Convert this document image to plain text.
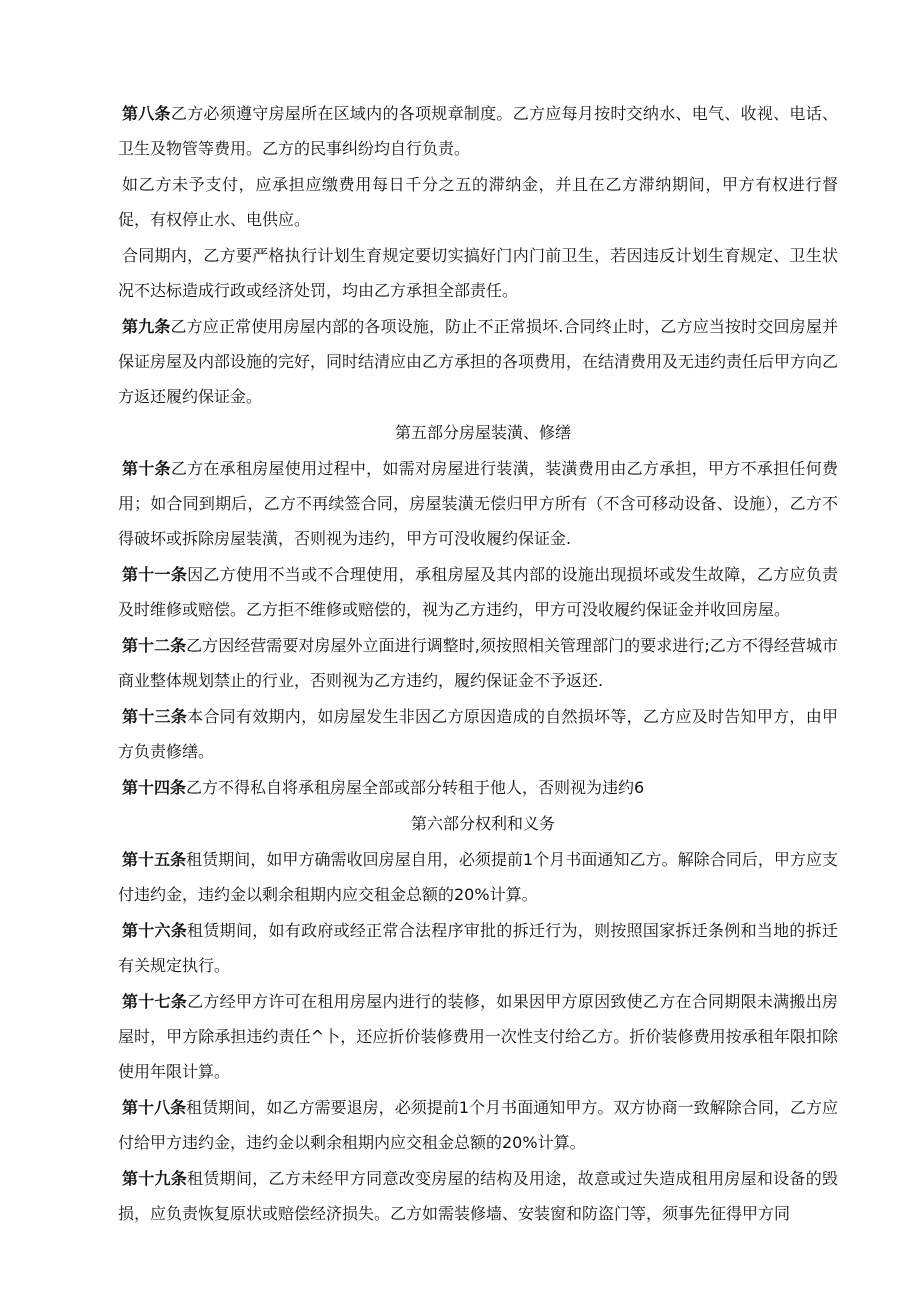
第八条乙方必须遵守房屋所在区域内的各项规章制度。乙方应每月按时交纳水、电气、收视、电话、卫生及物管等费用。乙方的民事纠纷均自行负责。

如乙方未予支付，应承担应缴费用每日千分之五的滞纳金，并且在乙方滞纳期间，甲方有权进行督促，有权停止水、电供应。

合同期内，乙方要严格执行计划生育规定要切实搞好门内门前卫生，若因违反计划生育规定、卫生状况不达标造成行政或经济处罚，均由乙方承担全部责任。

第九条乙方应正常使用房屋内部的各项设施，防止不正常损坏.合同终止时，乙方应当按时交回房屋并保证房屋及内部设施的完好，同时结清应由乙方承担的各项费用，在结清费用及无违约责任后甲方向乙方返还履约保证金。

第五部分房屋装潢、修缮

第十条乙方在承租房屋使用过程中，如需对房屋进行装潢，装潢费用由乙方承担，甲方不承担任何费用；如合同到期后，乙方不再续签合同，房屋装潢无偿归甲方所有（不含可移动设备、设施），乙方不得破坏或拆除房屋装潢，否则视为违约，甲方可没收履约保证金.

第十一条因乙方使用不当或不合理使用，承租房屋及其内部的设施出现损坏或发生故障，乙方应负责及时维修或赔偿。乙方拒不维修或赔偿的，视为乙方违约，甲方可没收履约保证金并收回房屋。

第十二条乙方因经营需要对房屋外立面进行调整时,须按照相关管理部门的要求进行;乙方不得经营城市商业整体规划禁止的行业，否则视为乙方违约，履约保证金不予返还.

第十三条本合同有效期内，如房屋发生非因乙方原因造成的自然损坏等，乙方应及时告知甲方，由甲方负责修缮。

第十四条乙方不得私自将承租房屋全部或部分转租于他人，否则视为违约6

第六部分权利和义务

第十五条租赁期间，如甲方确需收回房屋自用，必须提前1个月书面通知乙方。解除合同后，甲方应支付违约金，违约金以剩余租期内应交租金总额的20%计算。

第十六条租赁期间，如有政府或经正常合法程序审批的拆迁行为，则按照国家拆迁条例和当地的拆迁有关规定执行。

第十七条乙方经甲方许可在租用房屋内进行的装修，如果因甲方原因致使乙方在合同期限未满搬出房屋时，甲方除承担违约责任^卜，还应折价装修费用一次性支付给乙方。折价装修费用按承租年限扣除使用年限计算。

第十八条租赁期间，如乙方需要退房，必须提前1个月书面通知甲方。双方协商一致解除合同，乙方应付给甲方违约金，违约金以剩余租期内应交租金总额的20%计算。

第十九条租赁期间，乙方未经甲方同意改变房屋的结构及用途，故意或过失造成租用房屋和设备的毁损，应负责恢复原状或赔偿经济损失。乙方如需装修墙、安装窗和防盗门等，须事先征得甲方同
